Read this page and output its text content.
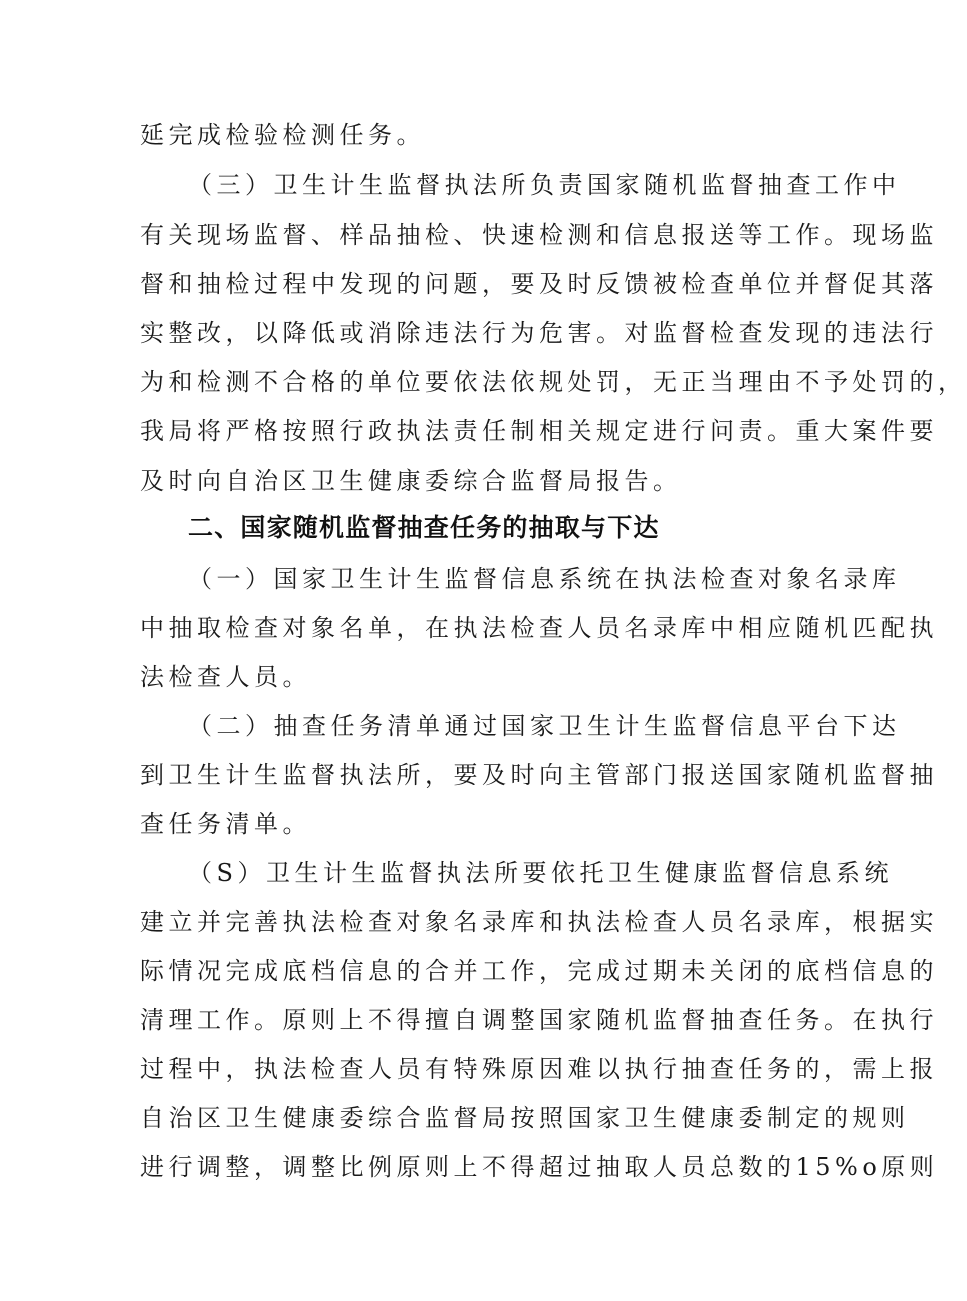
延完成检验检测任务。
（三）卫生计生监督执法所负责国家随机监督抽查工作中
有关现场监督、样品抽检、快速检测和信息报送等工作。现场监
督和抽检过程中发现的问题，要及时反馈被检查单位并督促其落
实整改，以降低或消除违法行为危害。对监督检查发现的违法行
为和检测不合格的单位要依法依规处罚，无正当理由不予处罚的，
我局将严格按照行政执法责任制相关规定进行问责。重大案件要
及时向自治区卫生健康委综合监督局报告。
二、国家随机监督抽查任务的抽取与下达
（一）国家卫生计生监督信息系统在执法检查对象名录库
中抽取检查对象名单，在执法检查人员名录库中相应随机匹配执
法检查人员。
（二）抽查任务清单通过国家卫生计生监督信息平台下达
到卫生计生监督执法所，要及时向主管部门报送国家随机监督抽
查任务清单。
（S）卫生计生监督执法所要依托卫生健康监督信息系统
建立并完善执法检查对象名录库和执法检查人员名录库，根据实
际情况完成底档信息的合并工作，完成过期未关闭的底档信息的
清理工作。原则上不得擅自调整国家随机监督抽查任务。在执行
过程中，执法检查人员有特殊原因难以执行抽查任务的，需上报
自治区卫生健康委综合监督局按照国家卫生健康委制定的规则
进行调整，调整比例原则上不得超过抽取人员总数的15%o原则
